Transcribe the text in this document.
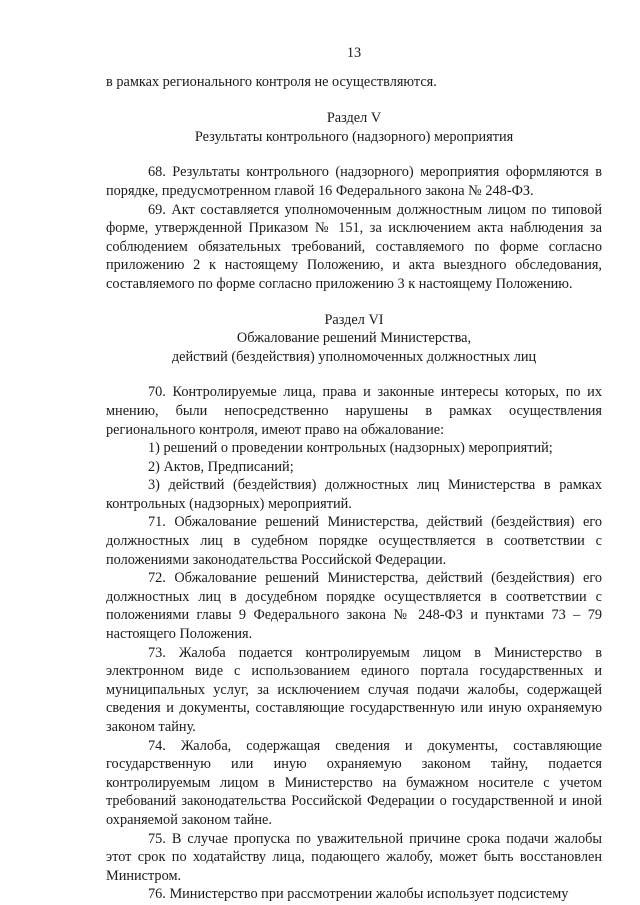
13

в рамках регионального контроля не осуществляются.

Раздел V

Результаты контрольного (надзорного) мероприятия

68. Результаты контрольного (надзорного) мероприятия оформляются в порядке, предусмотренном главой 16 Федерального закона № 248-ФЗ.

69. Акт составляется уполномоченным должностным лицом по типовой форме, утвержденной Приказом № 151, за исключением акта наблюдения за соблюдением обязательных требований, составляемого по форме согласно приложению 2 к настоящему Положению, и акта выездного обследования, составляемого по форме согласно приложению 3 к настоящему Положению.

Раздел VI

Обжалование решений Министерства,

действий (бездействия) уполномоченных должностных лиц

70. Контролируемые лица, права и законные интересы которых, по их мнению, были непосредственно нарушены в рамках осуществления регионального контроля, имеют право на обжалование:

1) решений о проведении контрольных (надзорных) мероприятий;

2) Актов, Предписаний;

3) действий (бездействия) должностных лиц Министерства в рамках контрольных (надзорных) мероприятий.

71. Обжалование решений Министерства, действий (бездействия) его должностных лиц в судебном порядке осуществляется в соответствии с положениями законодательства Российской Федерации.

72. Обжалование решений Министерства, действий (бездействия) его должностных лиц в досудебном порядке осуществляется в соответствии с положениями главы 9 Федерального закона № 248-ФЗ и пунктами 73 – 79 настоящего Положения.

73. Жалоба подается контролируемым лицом в Министерство в электронном виде с использованием единого портала государственных и муниципальных услуг, за исключением случая подачи жалобы, содержащей сведения и документы, составляющие государственную или иную охраняемую законом тайну.

74. Жалоба, содержащая сведения и документы, составляющие государственную или иную охраняемую законом тайну, подается контролируемым лицом в Министерство на бумажном носителе с учетом требований законодательства Российской Федерации о государственной и иной охраняемой законом тайне.

75. В случае пропуска по уважительной причине срока подачи жалобы этот срок по ходатайству лица, подающего жалобу, может быть восстановлен Министром.

76. Министерство при рассмотрении жалобы использует подсистему
